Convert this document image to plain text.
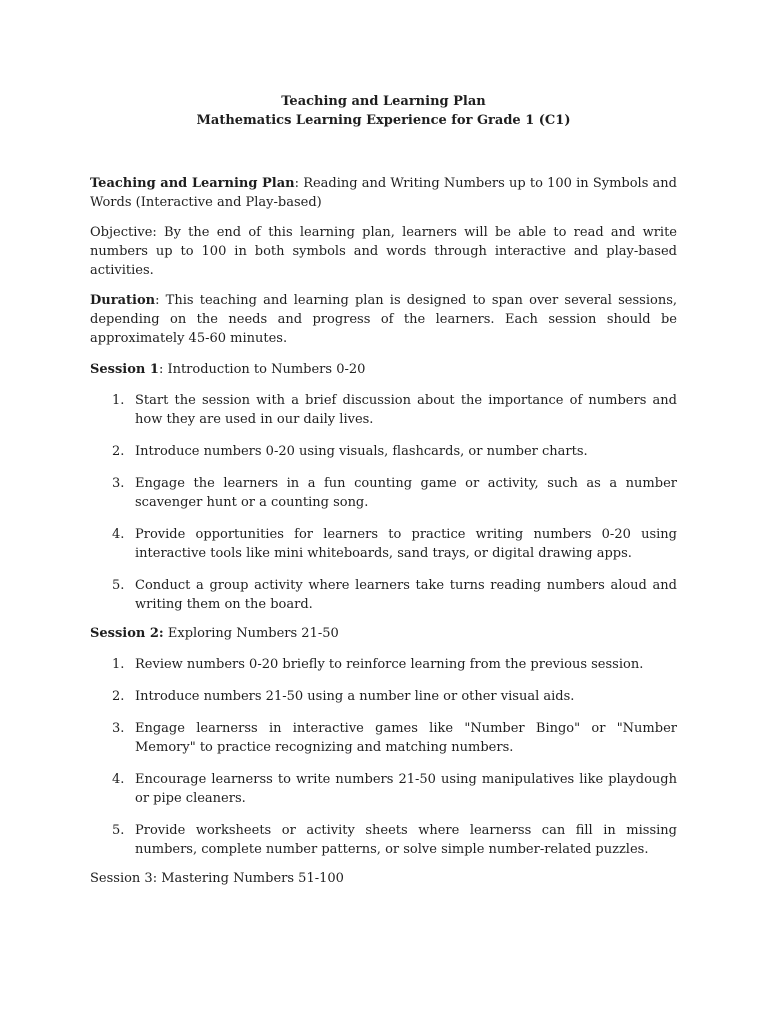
Teaching and Learning Plan
Mathematics Learning Experience for Grade 1 (C1)

Teaching and Learning Plan: Reading and Writing Numbers up to 100 in Symbols and Words (Interactive and Play-based)

Objective: By the end of this learning plan, learners will be able to read and write numbers up to 100 in both symbols and words through interactive and play-based activities.

Duration: This teaching and learning plan is designed to span over several sessions, depending on the needs and progress of the learners. Each session should be approximately 45-60 minutes.

Session 1: Introduction to Numbers 0-20

1. Start the session with a brief discussion about the importance of numbers and how they are used in our daily lives.
2. Introduce numbers 0-20 using visuals, flashcards, or number charts.
3. Engage the learners in a fun counting game or activity, such as a number scavenger hunt or a counting song.
4. Provide opportunities for learners to practice writing numbers 0-20 using interactive tools like mini whiteboards, sand trays, or digital drawing apps.
5. Conduct a group activity where learners take turns reading numbers aloud and writing them on the board.

Session 2: Exploring Numbers 21-50

1. Review numbers 0-20 briefly to reinforce learning from the previous session.
2. Introduce numbers 21-50 using a number line or other visual aids.
3. Engage learnerss in interactive games like "Number Bingo" or "Number Memory" to practice recognizing and matching numbers.
4. Encourage learnerss to write numbers 21-50 using manipulatives like playdough or pipe cleaners.
5. Provide worksheets or activity sheets where learnerss can fill in missing numbers, complete number patterns, or solve simple number-related puzzles.

Session 3: Mastering Numbers 51-100
